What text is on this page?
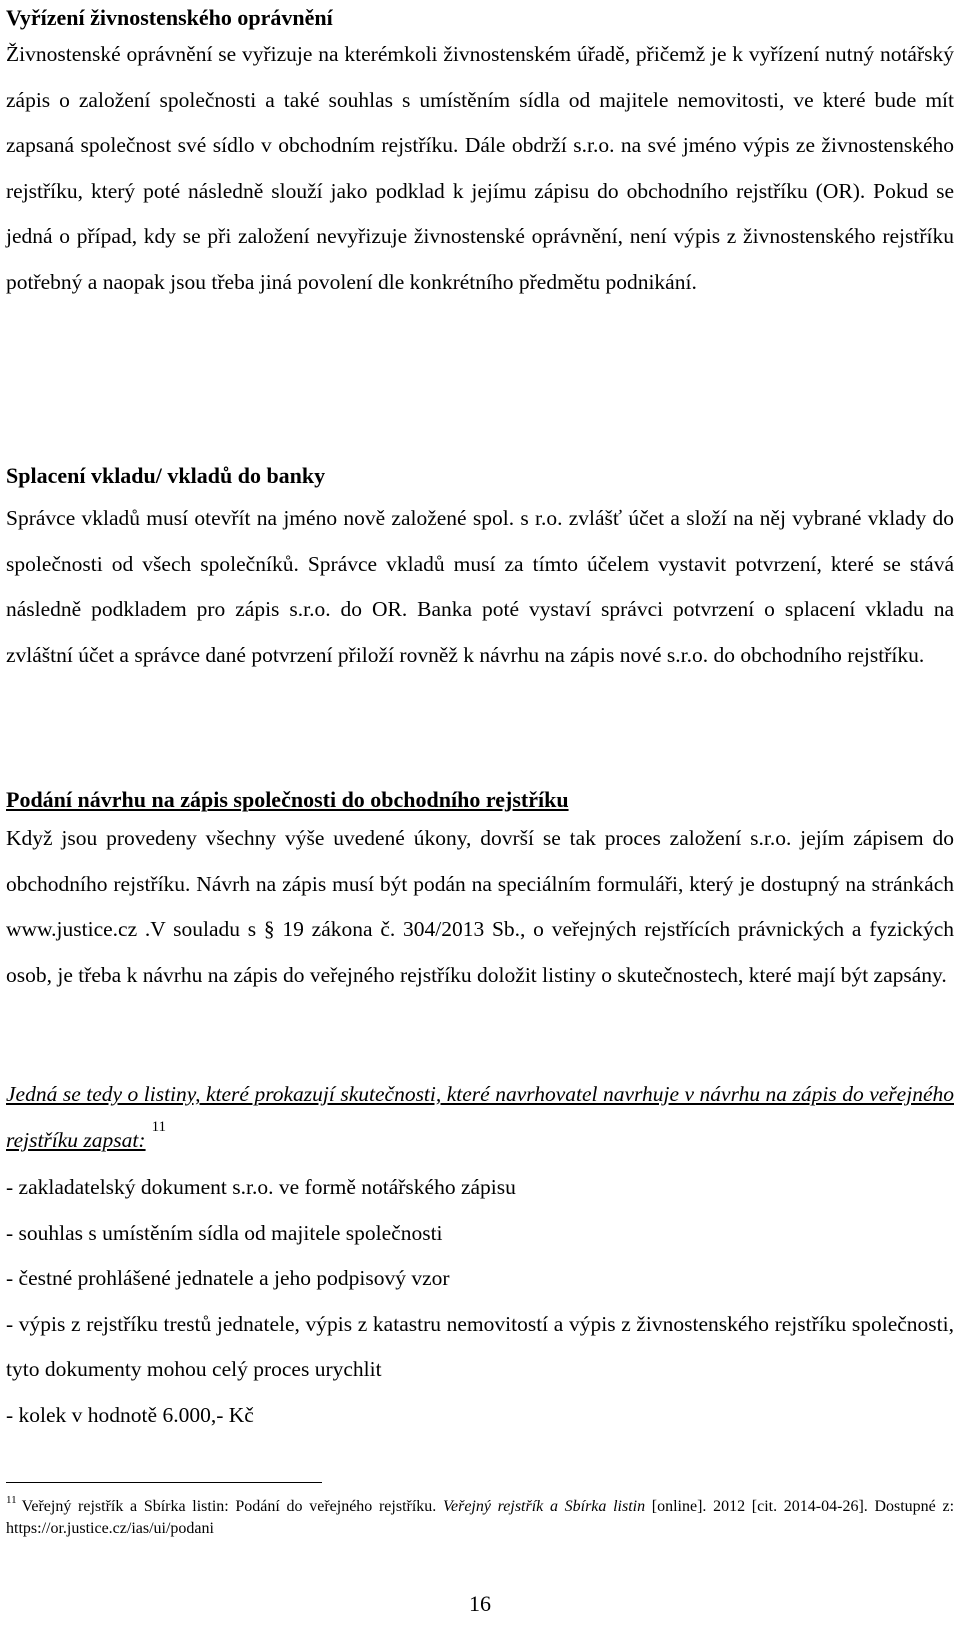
Vyřízení živnostenského oprávnění

Živnostenské oprávnění se vyřizuje na kterémkoli živnostenském úřadě, přičemž je k vyřízení nutný notářský zápis o založení společnosti a také souhlas s umístěním sídla od majitele nemovitosti, ve které bude mít zapsaná společnost své sídlo v obchodním rejstříku. Dále obdrží s.r.o. na své jméno výpis ze živnostenského rejstříku, který poté následně slouží jako podklad k jejímu zápisu do obchodního rejstříku (OR). Pokud se jedná o případ, kdy se při založení nevyřizuje živnostenské oprávnění, není výpis z živnostenského rejstříku potřebný a naopak jsou třeba jiná povolení dle konkrétního předmětu podnikání.

Splacení vkladu/ vkladů do banky

Správce vkladů musí otevřít na jméno nově založené spol. s r.o. zvlášť účet a složí na něj vybrané vklady do společnosti od všech společníků. Správce vkladů musí za tímto účelem vystavit potvrzení, které se stává následně podkladem pro zápis s.r.o. do OR. Banka poté vystaví správci potvrzení o splacení vkladu na zvláštní účet a správce dané potvrzení přiloží rovněž k návrhu na zápis nové s.r.o. do obchodního rejstříku.

Podání návrhu na zápis společnosti do obchodního rejstříku

Když jsou provedeny všechny výše uvedené úkony, dovrší se tak proces založení s.r.o. jejím zápisem do obchodního rejstříku. Návrh na zápis musí být podán na speciálním formuláři, který je dostupný na stránkách www.justice.cz .V souladu s § 19 zákona č. 304/2013 Sb., o veřejných rejstřících právnických a fyzických osob, je třeba k návrhu na zápis do veřejného rejstříku doložit listiny o skutečnostech, které mají být zapsány.

Jedná se tedy o listiny, které prokazují skutečnosti, které navrhovatel navrhuje v návrhu na zápis do veřejného rejstříku zapsat:11

- zakladatelský dokument s.r.o. ve formě notářského zápisu
- souhlas s umístěním sídla od majitele společnosti
- čestné prohlášené jednatele a jeho podpisový vzor
- výpis z rejstříku trestů jednatele, výpis z katastru nemovitostí a výpis z živnostenského rejstříku společnosti, tyto dokumenty mohou celý proces urychlit
- kolek v hodnotě 6.000,- Kč
11 Veřejný rejstřík a Sbírka listin: Podání do veřejného rejstříku. Veřejný rejstřík a Sbírka listin [online]. 2012 [cit. 2014-04-26]. Dostupné z: https://or.justice.cz/ias/ui/podani
16
